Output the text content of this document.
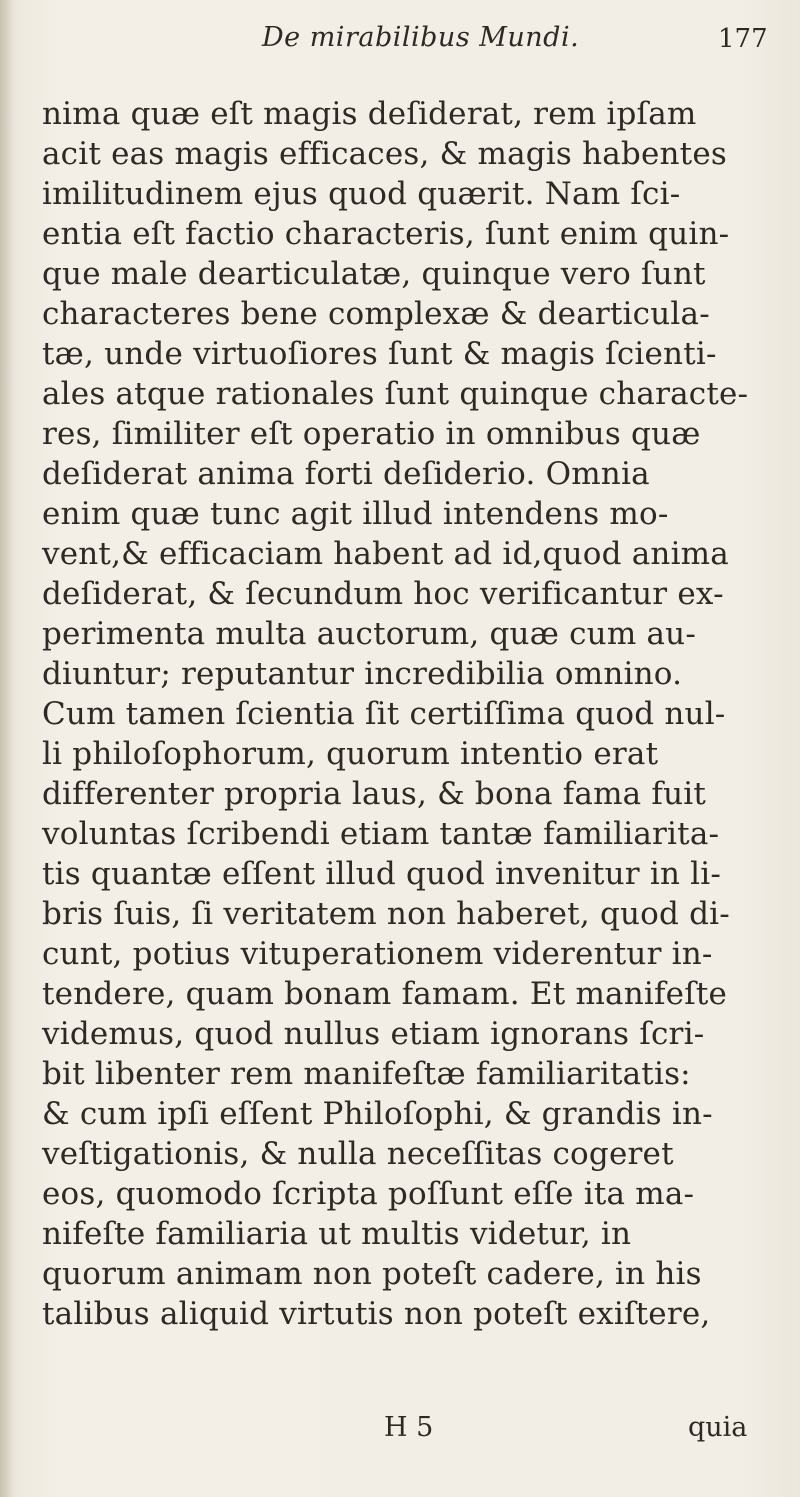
De mirabilibus Mundi.	177
nima quæ eſt magis deſiderat, rem ipſam
acit eas magis efficaces, & magis habentes
imilitudinem ejus quod quærit. Nam ſci-
entia eſt factio characteris, ſunt enim quin-
que male dearticulatæ, quinque vero ſunt
characteres bene complexæ & dearticula-
tæ, unde virtuoſiores ſunt & magis ſcienti-
ales atque rationales ſunt quinque characte-
res, ſimiliter eſt operatio in omnibus quæ
deſiderat anima forti deſiderio. Omnia
enim quæ tunc agit illud intendens mo-
vent,& efficaciam habent ad id,quod anima
deſiderat, & ſecundum hoc verificantur ex-
perimenta multa auctorum, quæ cum au-
diuntur; reputantur incredibilia omnino.
Cum tamen ſcientia ſit certiſſima quod nul-
li philoſophorum, quorum intentio erat
differenter propria laus, & bona fama fuit
voluntas ſcribendi etiam tantæ familiarita-
tis quantæ eſſent illud quod invenitur in li-
bris ſuis, ſi veritatem non haberet, quod di-
cunt, potius vituperationem viderentur in-
tendere, quam bonam famam. Et manifeſte
videmus, quod nullus etiam ignorans ſcri-
bit libenter rem manifeſtæ familiaritatis:
& cum ipſi eſſent Philoſophi, & grandis in-
veſtigationis, & nulla neceſſitas cogeret
eos, quomodo ſcripta poſſunt eſſe ita ma-
nifeſte familiaria ut multis videtur, in
quorum animam non poteſt cadere, in his
talibus aliquid virtutis non poteſt exiſtere,
H 5	quia
